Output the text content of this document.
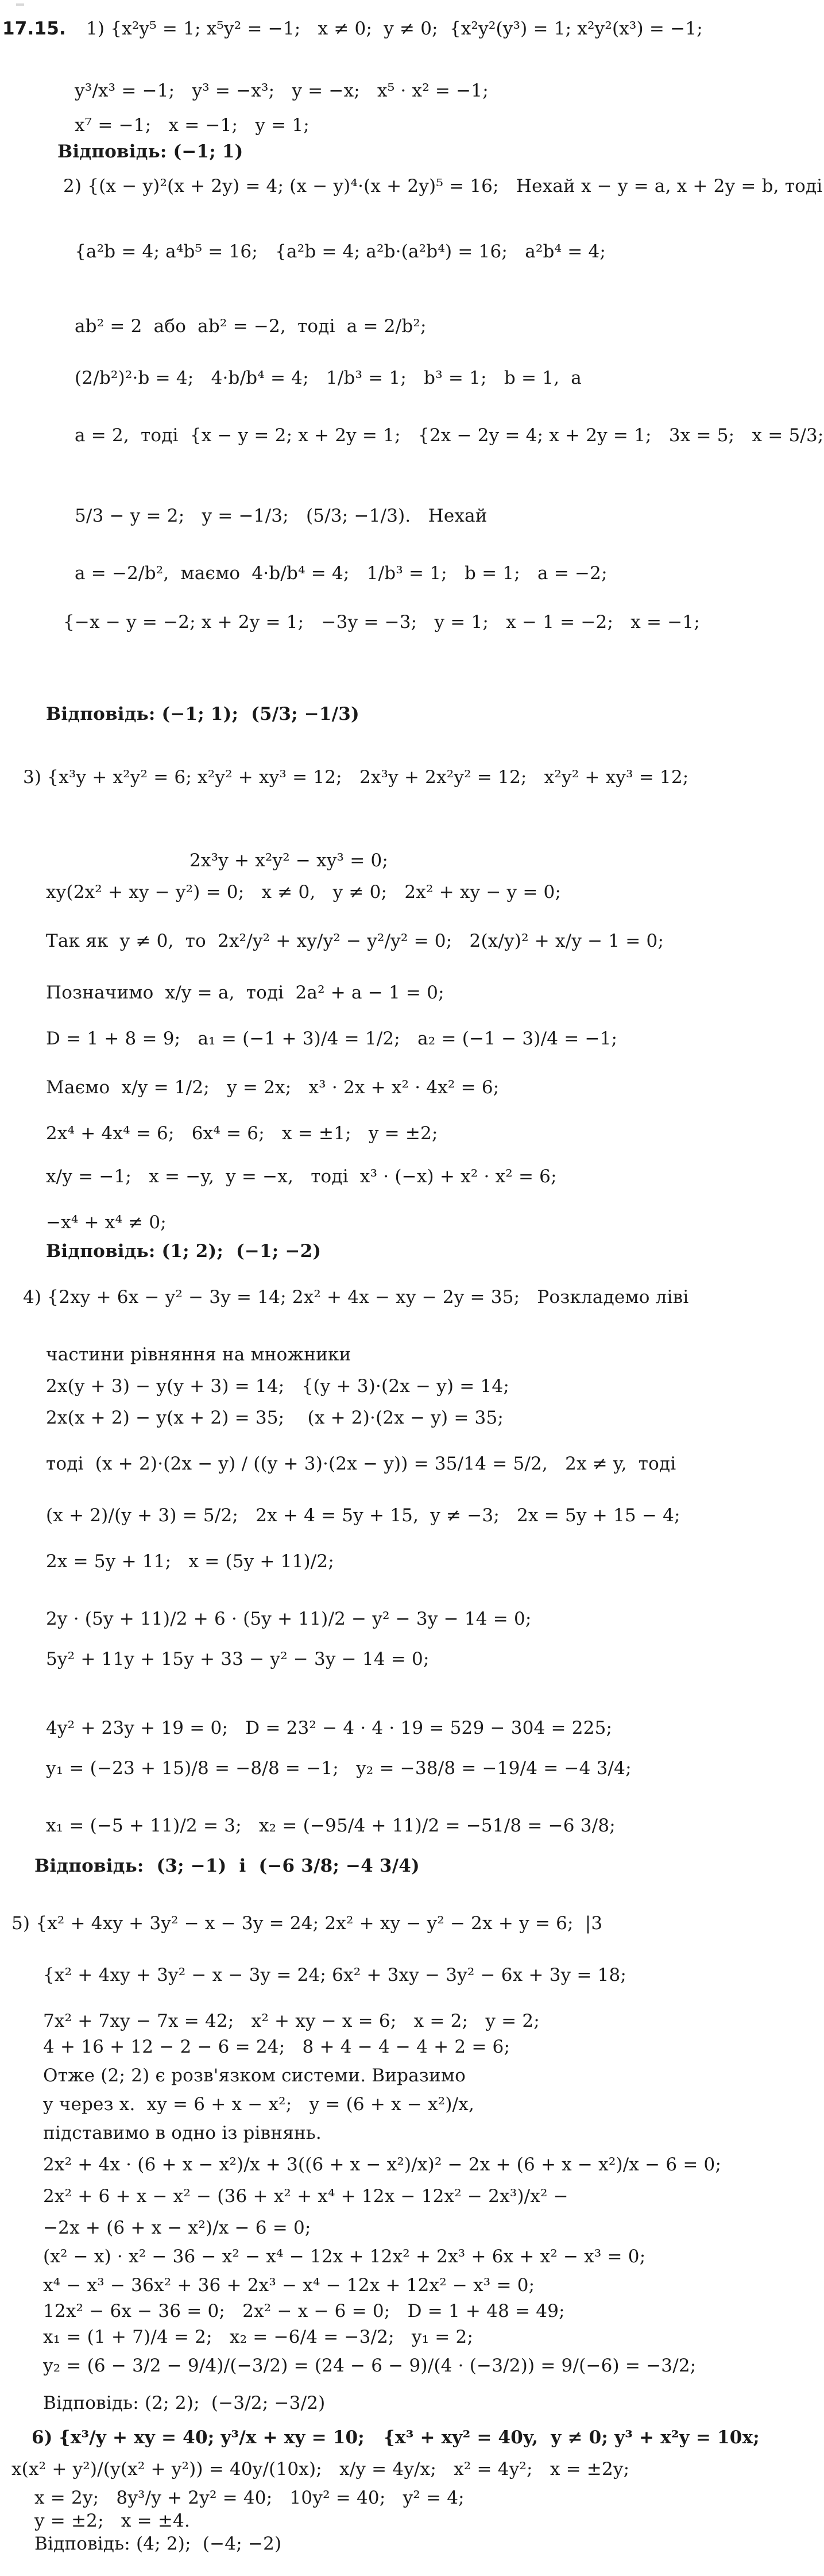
17.15. 1) {x²y⁵ = 1; x⁵y² = −1;   x ≠ 0;  y ≠ 0;  {x²y²(y³) = 1; x²y²(x³) = −1;
y³/x³ = −1;   y³ = −x³;   y = −x;   x⁵ · x² = −1;
x⁷ = −1;   x = −1;   y = 1;
Відповідь: (−1; 1)
2) {(x − y)²(x + 2y) = 4; (x − y)⁴·(x + 2y)⁵ = 16;   Нехай x − y = a, x + 2y = b, тоді
{a²b = 4; a⁴b⁵ = 16;   {a²b = 4; a²b·(a²b⁴) = 16;   a²b⁴ = 4;
ab² = 2  або  ab² = −2,  тоді  a = 2/b²;
(2/b²)²·b = 4;   4·b/b⁴ = 4;   1/b³ = 1;   b³ = 1;   b = 1,  a
a = 2,  тоді  {x − y = 2; x + 2y = 1;   {2x − 2y = 4; x + 2y = 1;   3x = 5;   x = 5/3;
5/3 − y = 2;   y = −1/3;   (5/3; −1/3).   Нехай
a = −2/b²,  маємо  4·b/b⁴ = 4;   1/b³ = 1;   b = 1;   a = −2;
{−x − y = −2; x + 2y = 1;   −3y = −3;   y = 1;   x − 1 = −2;   x = −1;
Відповідь: (−1; 1);  (5/3; −1/3)
3) {x³y + x²y² = 6; x²y² + xy³ = 12;   2x³y + 2x²y² = 12;   x²y² + xy³ = 12;
2x³y + x²y² − xy³ = 0;
xy(2x² + xy − y²) = 0;   x ≠ 0,   y ≠ 0;   2x² + xy − y = 0;
Так як  y ≠ 0,  то  2x²/y² + xy/y² − y²/y² = 0;   2(x/y)² + x/y − 1 = 0;
Позначимо  x/y = a,  тоді  2a² + a − 1 = 0;
D = 1 + 8 = 9;   a₁ = (−1 + 3)/4 = 1/2;   a₂ = (−1 − 3)/4 = −1;
Маємо  x/y = 1/2;   y = 2x;   x³ · 2x + x² · 4x² = 6;
2x⁴ + 4x⁴ = 6;   6x⁴ = 6;   x = ±1;   y = ±2;
x/y = −1;   x = −y,  y = −x,   тоді  x³ · (−x) + x² · x² = 6;
−x⁴ + x⁴ ≠ 0;
Відповідь: (1; 2);  (−1; −2)
4) {2xy + 6x − y² − 3y = 14; 2x² + 4x − xy − 2y = 35;   Розкладемо ліві
частини рівняння на множники
2x(y + 3) − y(y + 3) = 14;   {(y + 3)·(2x − y) = 14;
2x(x + 2) − y(x + 2) = 35;    (x + 2)·(2x − y) = 35;
тоді  (x + 2)·(2x − y) / ((y + 3)·(2x − y)) = 35/14 = 5/2,   2x ≠ y,  тоді
(x + 2)/(y + 3) = 5/2;   2x + 4 = 5y + 15,  y ≠ −3;   2x = 5y + 15 − 4;
2x = 5y + 11;   x = (5y + 11)/2;
2y · (5y + 11)/2 + 6 · (5y + 11)/2 − y² − 3y − 14 = 0;
5y² + 11y + 15y + 33 − y² − 3y − 14 = 0;
4y² + 23y + 19 = 0;   D = 23² − 4 · 4 · 19 = 529 − 304 = 225;
y₁ = (−23 + 15)/8 = −8/8 = −1;   y₂ = −38/8 = −19/4 = −4 3/4;
x₁ = (−5 + 11)/2 = 3;   x₂ = (−95/4 + 11)/2 = −51/8 = −6 3/8;
Відповідь:  (3; −1)  і  (−6 3/8; −4 3/4)
5) {x² + 4xy + 3y² − x − 3y = 24; 2x² + xy − y² − 2x + y = 6;  |3
{x² + 4xy + 3y² − x − 3y = 24; 6x² + 3xy − 3y² − 6x + 3y = 18;
7x² + 7xy − 7x = 42;   x² + xy − x = 6;   x = 2;   y = 2;
4 + 16 + 12 − 2 − 6 = 24;   8 + 4 − 4 − 4 + 2 = 6;
Отже (2; 2) є розв'язком системи. Виразимо
y через x.  xy = 6 + x − x²;   y = (6 + x − x²)/x,
підставимо в одно із рівнянь.
2x² + 4x · (6 + x − x²)/x + 3((6 + x − x²)/x)² − 2x + (6 + x − x²)/x − 6 = 0;
2x² + 6 + x − x² − (36 + x² + x⁴ + 12x − 12x² − 2x³)/x² −
−2x + (6 + x − x²)/x − 6 = 0;
(x² − x) · x² − 36 − x² − x⁴ − 12x + 12x² + 2x³ + 6x + x² − x³ = 0;
x⁴ − x³ − 36x² + 36 + 2x³ − x⁴ − 12x + 12x² − x³ = 0;
12x² − 6x − 36 = 0;   2x² − x − 6 = 0;   D = 1 + 48 = 49;
x₁ = (1 + 7)/4 = 2;   x₂ = −6/4 = −3/2;   y₁ = 2;
y₂ = (6 − 3/2 − 9/4)/(−3/2) = (24 − 6 − 9)/(4 · (−3/2)) = 9/(−6) = −3/2;
Відповідь: (2; 2);  (−3/2; −3/2)
6) {x³/y + xy = 40; y³/x + xy = 10;   {x³ + xy² = 40y,  y ≠ 0; y³ + x²y = 10x;
x(x² + y²)/(y(x² + y²)) = 40y/(10x);   x/y = 4y/x;   x² = 4y²;   x = ±2y;
x = 2y;   8y³/y + 2y² = 40;   10y² = 40;   y² = 4;
y = ±2;   x = ±4.
Відповідь: (4; 2);  (−4; −2)
